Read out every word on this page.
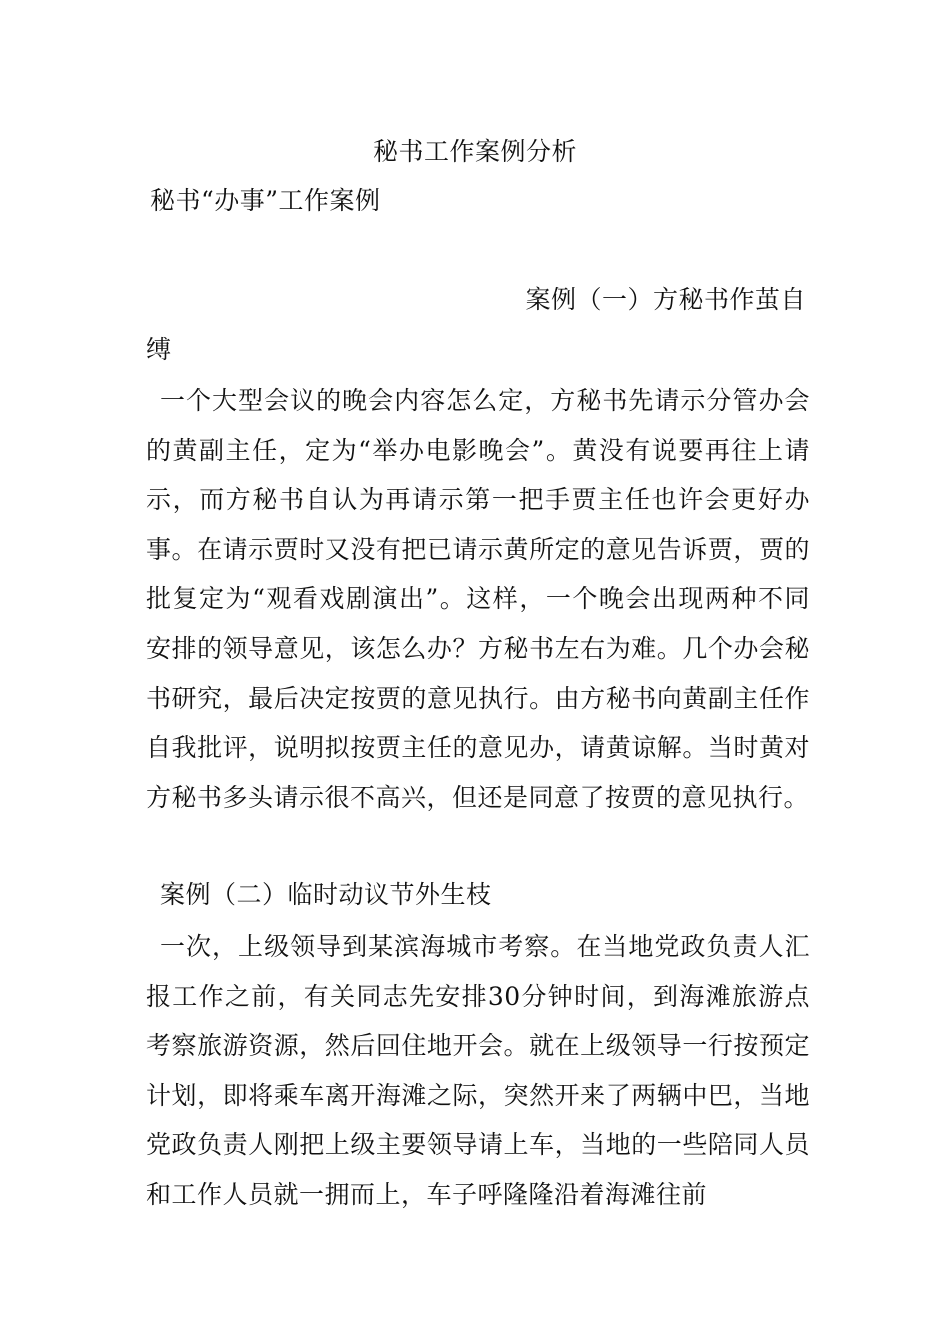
秘书工作案例分析
秘书“办事”工作案例
案例（一）方秘书作茧自
缚

一个大型会议的晚会内容怎么定，方秘书先请示分管办会的黄副主任，定为“举办电影晚会”。黄没有说要再往上请示，而方秘书自认为再请示第一把手贾主任也许会更好办事。在请示贾时又没有把已请示黄所定的意见告诉贾，贾的批复定为“观看戏剧演出”。这样，一个晚会出现两种不同安排的领导意见，该怎么办？方秘书左右为难。几个办会秘书研究，最后决定按贾的意见执行。由方秘书向黄副主任作自我批评，说明拟按贾主任的意见办，请黄谅解。当时黄对方秘书多头请示很不高兴，但还是同意了按贾的意见执行。

案例（二）临时动议节外生枝

一次，上级领导到某滨海城市考察。在当地党政负责人汇报工作之前，有关同志先安排30分钟时间，到海滩旅游点考察旅游资源，然后回住地开会。就在上级领导一行按预定计划，即将乘车离开海滩之际，突然开来了两辆中巴，当地党政负责人刚把上级主要领导请上车，当地的一些陪同人员和工作人员就一拥而上，车子呼隆隆沿着海滩往前
